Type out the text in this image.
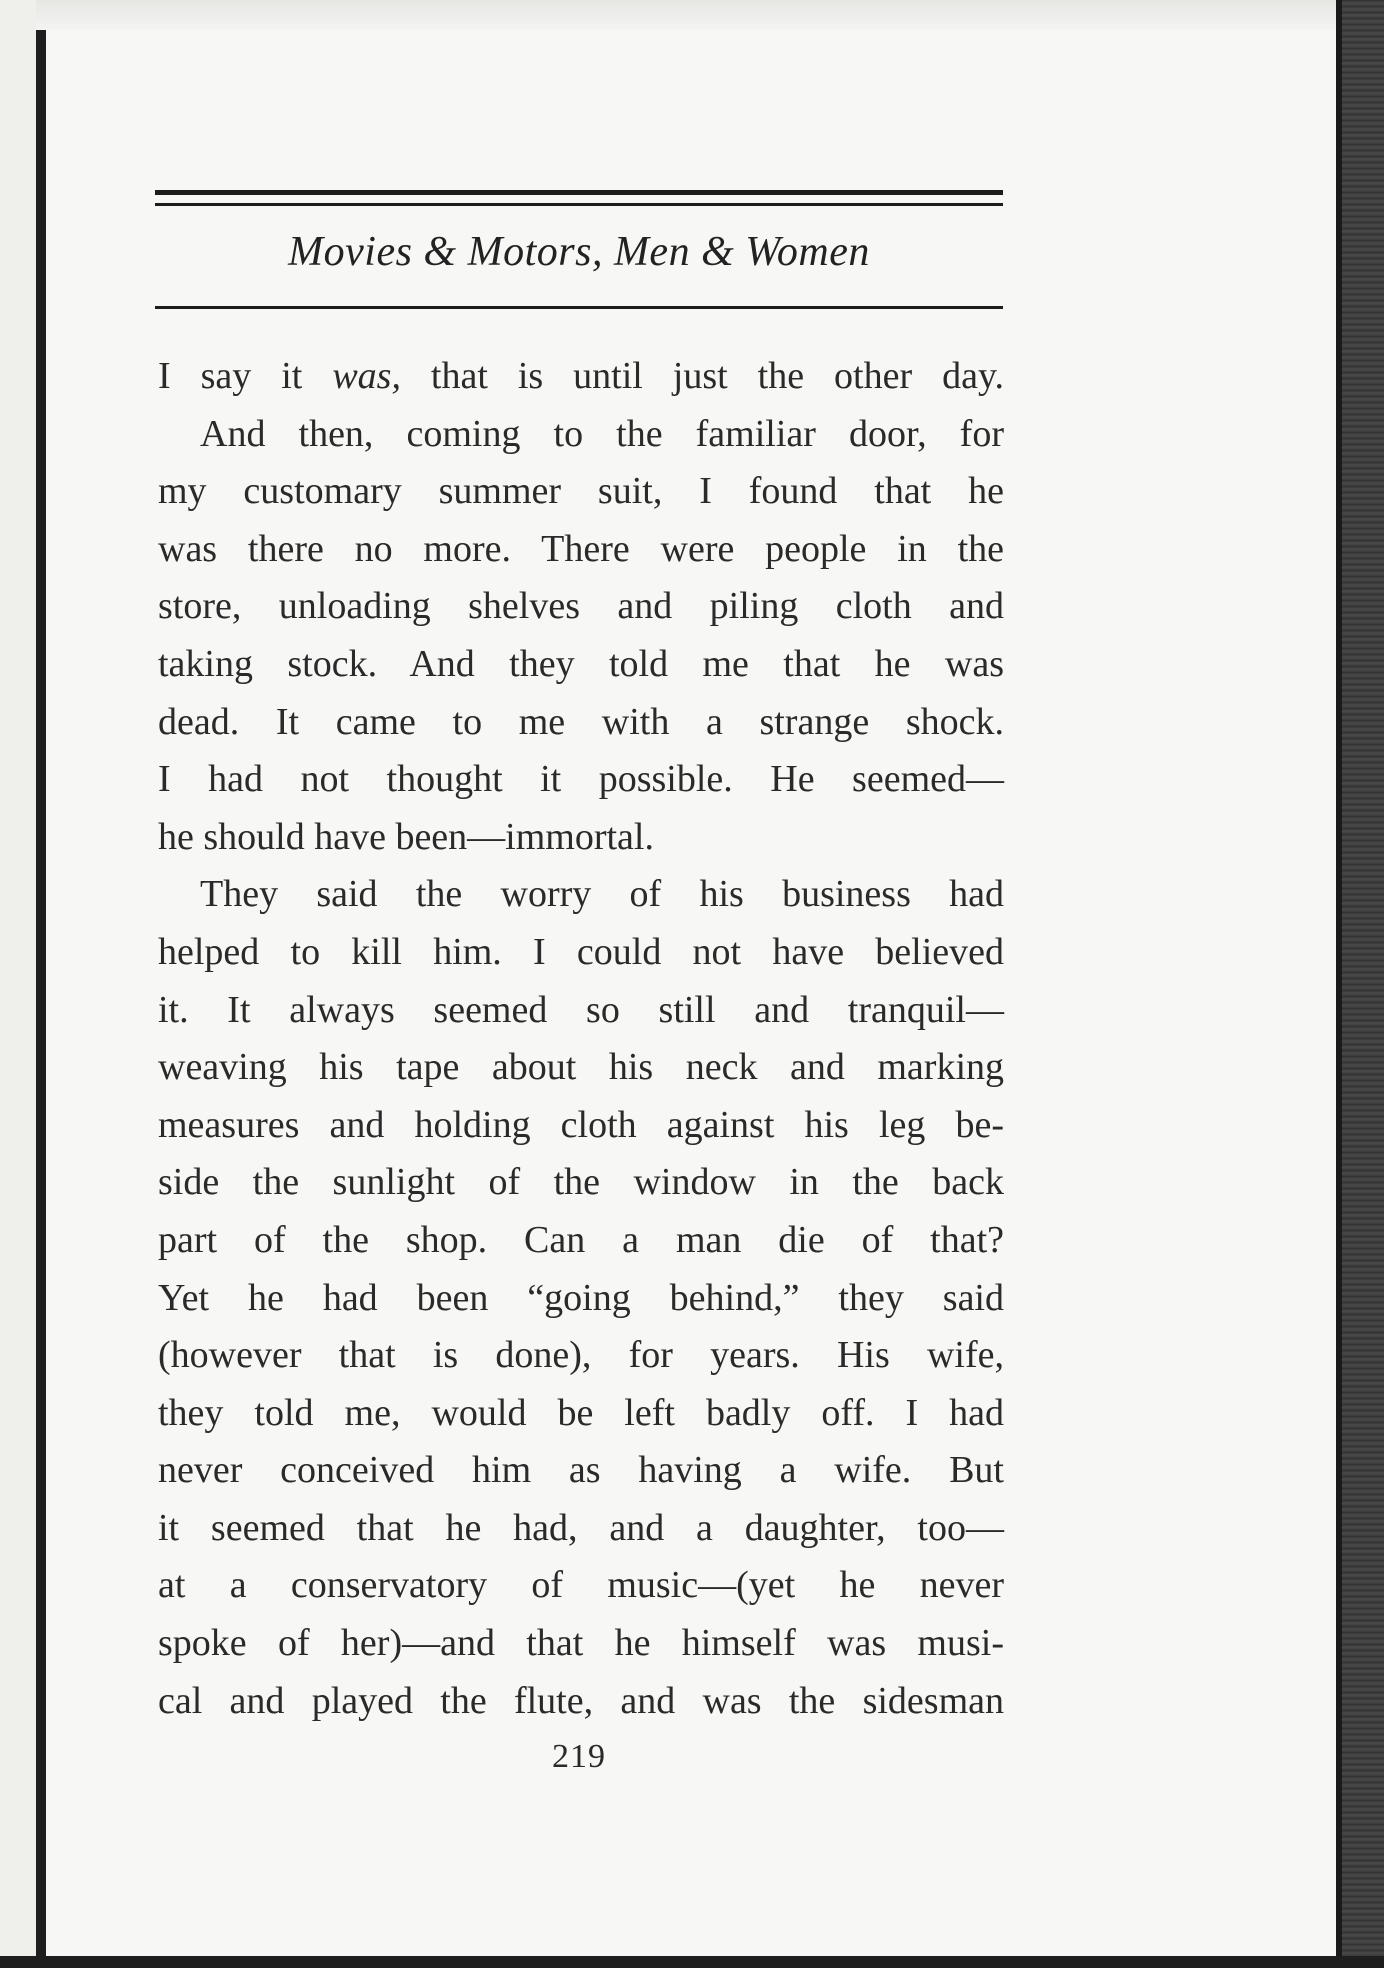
Movies & Motors, Men & Women
I say it was, that is until just the other day.
And then, coming to the familiar door, for
my customary summer suit, I found that he
was there no more. There were people in the
store, unloading shelves and piling cloth and
taking stock. And they told me that he was
dead. It came to me with a strange shock.
I had not thought it possible. He seemed—
he should have been—immortal.
They said the worry of his business had
helped to kill him. I could not have believed
it. It always seemed so still and tranquil—
weaving his tape about his neck and marking
measures and holding cloth against his leg be-
side the sunlight of the window in the back
part of the shop. Can a man die of that?
Yet he had been “going behind,” they said
(however that is done), for years. His wife,
they told me, would be left badly off. I had
never conceived him as having a wife. But
it seemed that he had, and a daughter, too—
at a conservatory of music—(yet he never
spoke of her)—and that he himself was musi-
cal and played the flute, and was the sidesman
219
